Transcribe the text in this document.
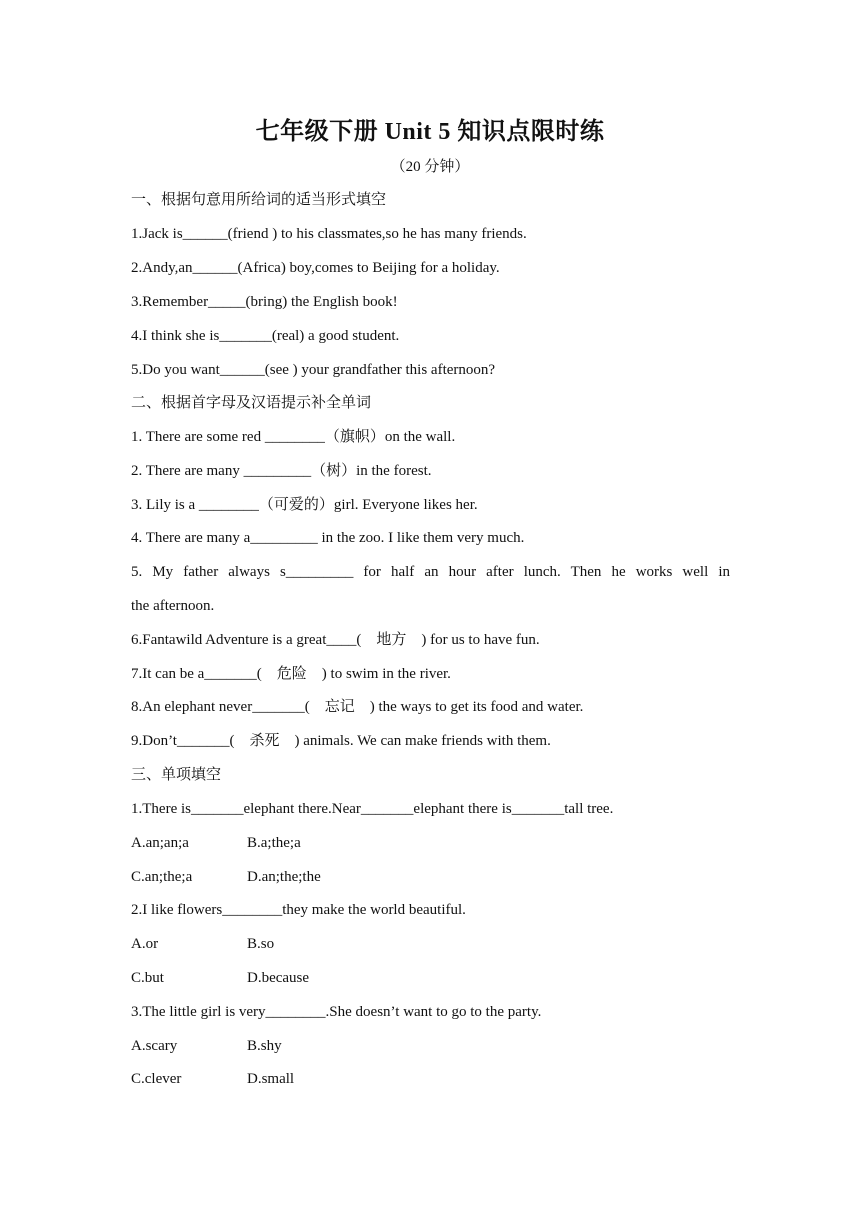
七年级下册 Unit 5 知识点限时练
（20 分钟）
一、根据句意用所给词的适当形式填空
1.Jack is______(friend ) to his classmates,so he has many friends.
2.Andy,an______(Africa) boy,comes to Beijing for a holiday.
3.Remember_____(bring) the English book!
4.I think she is_______(real) a good student.
5.Do you want______(see ) your grandfather this afternoon?
二、根据首字母及汉语提示补全单词
1. There are some red ________（旗帜）on the wall.
2. There are many _________（树）in the forest.
3. Lily is a ________（可爱的）girl. Everyone likes her.
4. There are many a_________ in the zoo. I like them very much.
5. My father always s_________ for half an hour after lunch. Then he works well in
the afternoon.
6.Fantawild Adventure is a great____(　地方　) for us to have fun.
7.It can be a_______(　危险　) to swim in the river.
8.An elephant never_______(　忘记　) the ways to get its food and water.
9.Don’t_______(　杀死　) animals. We can make friends with them.
三、单项填空
1.There is_______elephant there.Near_______elephant there is_______tall tree.
A.an;an;a	B.a;the;a
C.an;the;a	D.an;the;the
2.I like flowers________they make the world beautiful.
A.or	B.so
C.but	D.because
3.The little girl is very________.She doesn’t want to go to the party.
A.scary	B.shy
C.clever	D.small
